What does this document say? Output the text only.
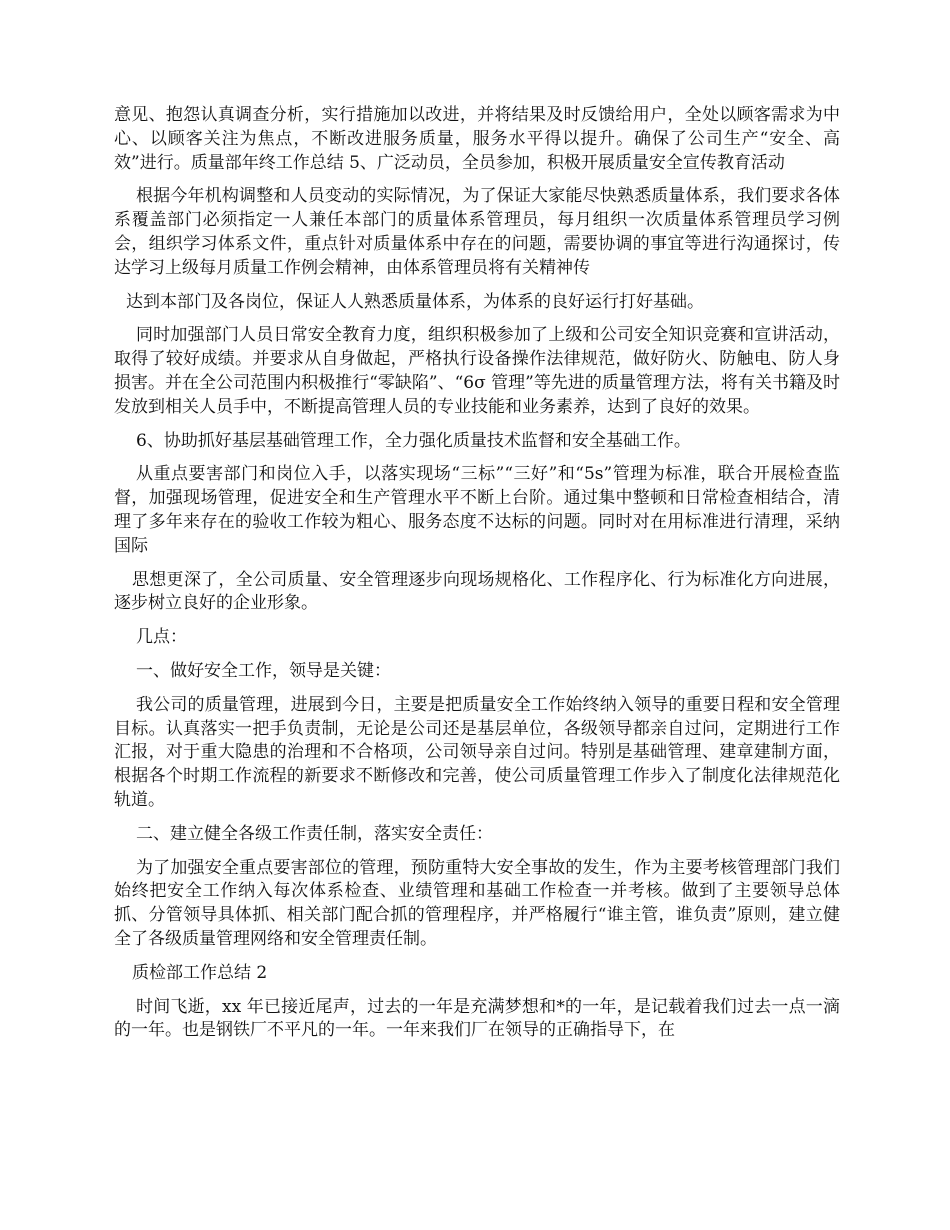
意见、抱怨认真调查分析，实行措施加以改进，并将结果及时反馈给用户，全处以顾客需求为中心、以顾客关注为焦点，不断改进服务质量，服务水平得以提升。确保了公司生产“安全、高效”进行。质量部年终工作总结 5、广泛动员，全员参加，积极开展质量安全宣传教育活动

根据今年机构调整和人员变动的实际情况，为了保证大家能尽快熟悉质量体系，我们要求各体系覆盖部门必须指定一人兼任本部门的质量体系管理员，每月组织一次质量体系管理员学习例会，组织学习体系文件，重点针对质量体系中存在的问题，需要协调的事宜等进行沟通探讨，传达学习上级每月质量工作例会精神，由体系管理员将有关精神传

达到本部门及各岗位，保证人人熟悉质量体系，为体系的良好运行打好基础。

同时加强部门人员日常安全教育力度，组织积极参加了上级和公司安全知识竞赛和宣讲活动，取得了较好成绩。并要求从自身做起，严格执行设备操作法律规范，做好防火、防触电、防人身损害。并在全公司范围内积极推行“零缺陷”、“6σ 管理”等先进的质量管理方法，将有关书籍及时发放到相关人员手中，不断提高管理人员的专业技能和业务素养，达到了良好的效果。

6、协助抓好基层基础管理工作，全力强化质量技术监督和安全基础工作。

从重点要害部门和岗位入手，以落实现场“三标”“三好”和“5s”管理为标准，联合开展检查监督，加强现场管理，促进安全和生产管理水平不断上台阶。通过集中整顿和日常检查相结合，清理了多年来存在的验收工作较为粗心、服务态度不达标的问题。同时对在用标准进行清理，采纳国际

思想更深了，全公司质量、安全管理逐步向现场规格化、工作程序化、行为标准化方向进展，逐步树立良好的企业形象。

几点：

一、做好安全工作，领导是关键：

我公司的质量管理，进展到今日，主要是把质量安全工作始终纳入领导的重要日程和安全管理目标。认真落实一把手负责制，无论是公司还是基层单位，各级领导都亲自过问，定期进行工作汇报，对于重大隐患的治理和不合格项，公司领导亲自过问。特别是基础管理、建章建制方面，根据各个时期工作流程的新要求不断修改和完善，使公司质量管理工作步入了制度化法律规范化轨道。

二、建立健全各级工作责任制，落实安全责任：

为了加强安全重点要害部位的管理，预防重特大安全事故的发生，作为主要考核管理部门我们始终把安全工作纳入每次体系检查、业绩管理和基础工作检查一并考核。做到了主要领导总体抓、分管领导具体抓、相关部门配合抓的管理程序，并严格履行“谁主管，谁负责”原则，建立健全了各级质量管理网络和安全管理责任制。

质检部工作总结 2

时间飞逝，xx 年已接近尾声，过去的一年是充满梦想和*的一年，是记载着我们过去一点一滴的一年。也是钢铁厂不平凡的一年。一年来我们厂在领导的正确指导下，在
